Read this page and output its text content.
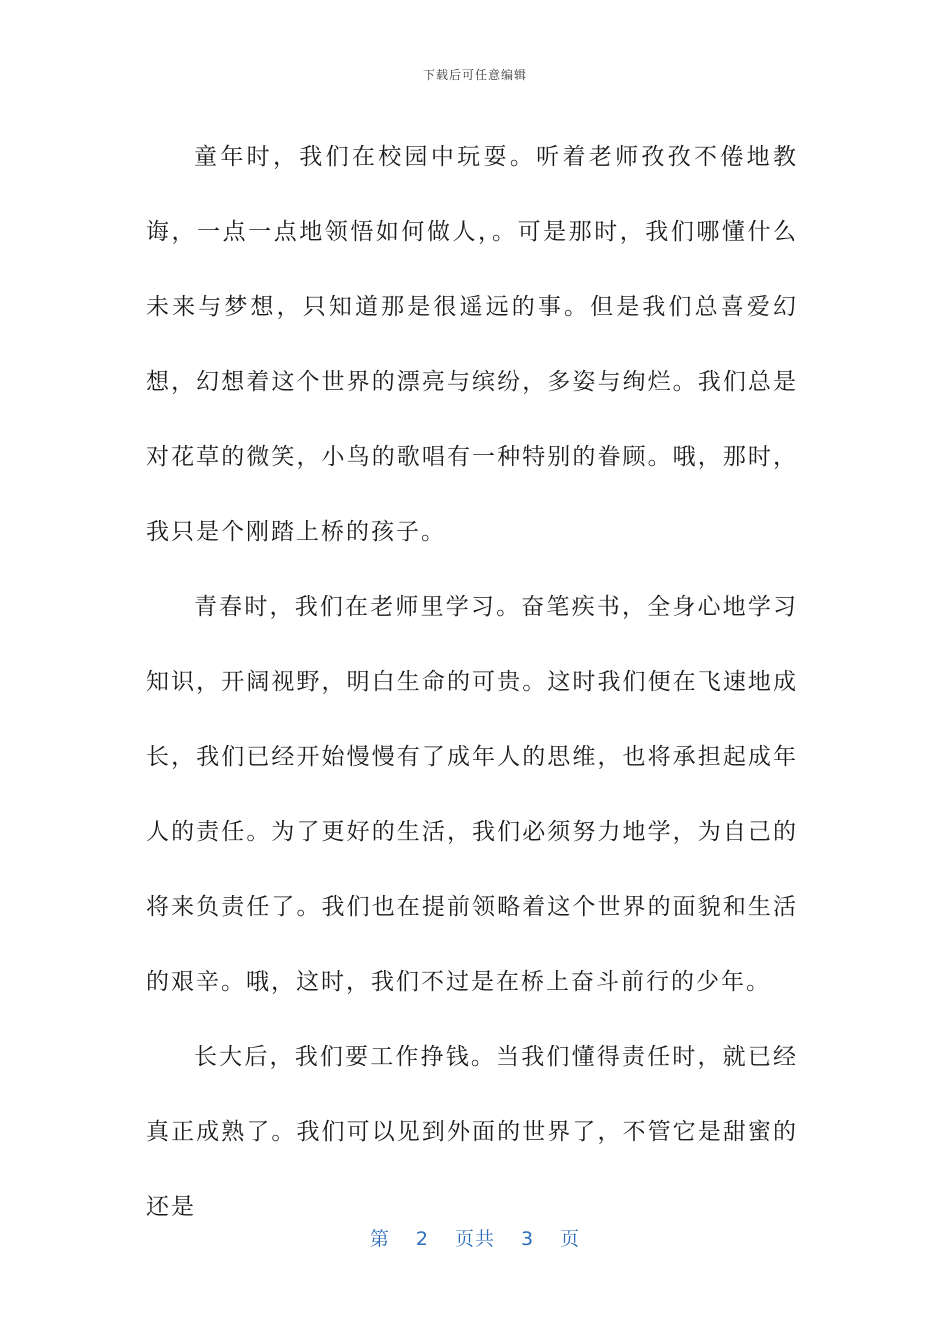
下载后可任意编辑

童年时，我们在校园中玩耍。听着老师孜孜不倦地教诲，一点一点地领悟如何做人，。可是那时，我们哪懂什么未来与梦想，只知道那是很遥远的事。但是我们总喜爱幻想，幻想着这个世界的漂亮与缤纷，多姿与绚烂。我们总是对花草的微笑，小鸟的歌唱有一种特别的眷顾。哦，那时，我只是个刚踏上桥的孩子。

青春时，我们在老师里学习。奋笔疾书，全身心地学习知识，开阔视野，明白生命的可贵。这时我们便在飞速地成长，我们已经开始慢慢有了成年人的思维，也将承担起成年人的责任。为了更好的生活，我们必须努力地学，为自己的将来负责任了。我们也在提前领略着这个世界的面貌和生活的艰辛。哦，这时，我们不过是在桥上奋斗前行的少年。

长大后，我们要工作挣钱。当我们懂得责任时，就已经真正成熟了。我们可以见到外面的世界了，不管它是甜蜜的还是

第 2 页共 3 页
